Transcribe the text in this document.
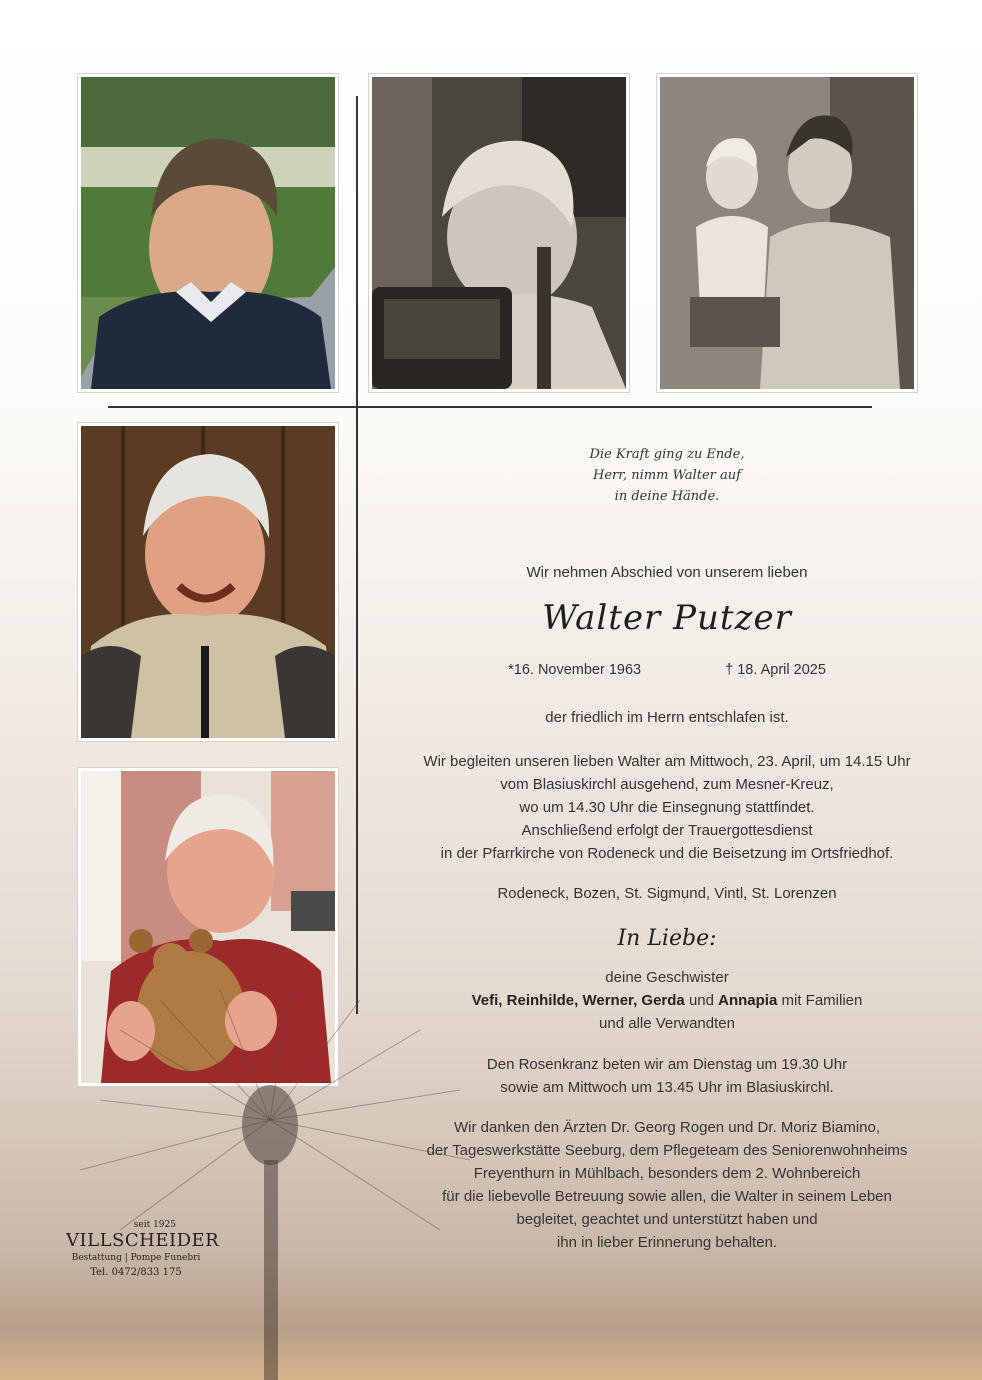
Die Kraft ging zu Ende,
Herr, nimm Walter auf
in deine Hände.
Wir nehmen Abschied von unserem lieben
Walter Putzer
*16. November 1963	† 18. April 2025
der friedlich im Herrn entschlafen ist.
Wir begleiten unseren lieben Walter am Mittwoch, 23. April, um 14.15 Uhr
vom Blasiuskirchl ausgehend, zum Mesner-Kreuz,
wo um 14.30 Uhr die Einsegnung stattfindet.
Anschließend erfolgt der Trauergottesdienst
in der Pfarrkirche von Rodeneck und die Beisetzung im Ortsfriedhof.
Rodeneck, Bozen, St. Sigmund, Vintl, St. Lorenzen
In Liebe:
deine Geschwister
Vefi, Reinhilde, Werner, Gerda und Annapia mit Familien
und alle Verwandten
Den Rosenkranz beten wir am Dienstag um 19.30 Uhr
sowie am Mittwoch um 13.45 Uhr im Blasiuskirchl.
Wir danken den Ärzten Dr. Georg Rogen und Dr. Moriz Biamino,
der Tageswerkstätte Seeburg, dem Pflegeteam des Seniorenwohnheims
Freyenthurn in Mühlbach, besonders dem 2. Wohnbereich
für die liebevolle Betreuung sowie allen, die Walter in seinem Leben
begleitet, geachtet und unterstützt haben und
ihn in lieber Erinnerung behalten.
seit 1925
VILLSCHEIDER
Bestattung | Pompe Funebri
Tel. 0472/833 175
